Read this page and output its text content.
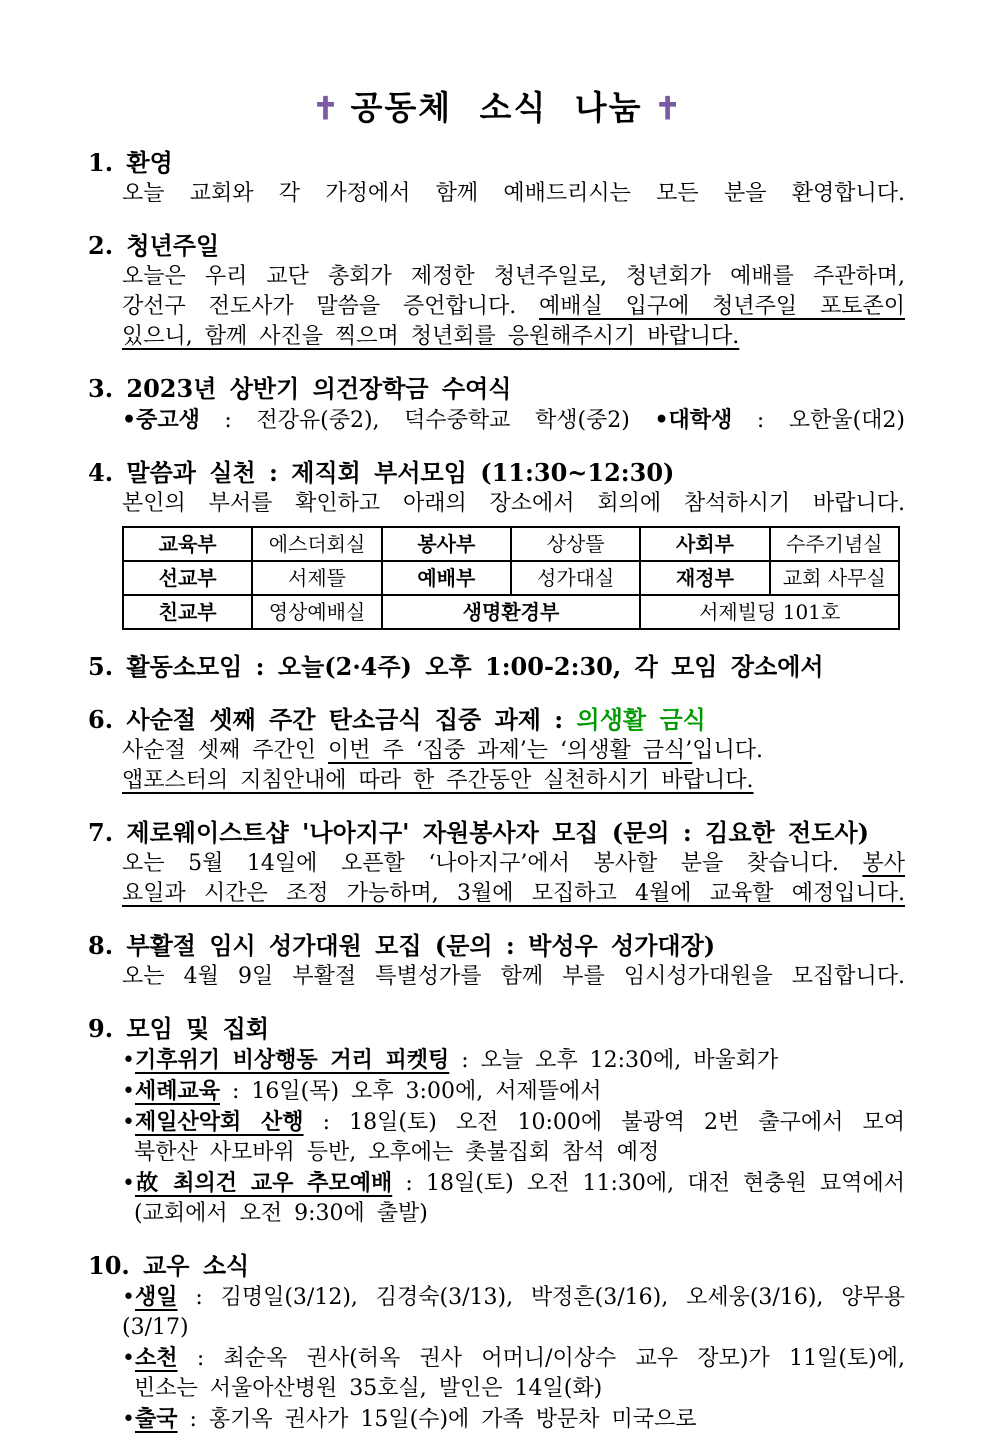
✝ 공동체 소식 나눔 ✝
1. 환영
오늘 교회와 각 가정에서 함께 예배드리시는 모든 분을 환영합니다.
2. 청년주일
오늘은 우리 교단 총회가 제정한 청년주일로, 청년회가 예배를 주관하며,
강선구 전도사가 말씀을 증언합니다. 예배실 입구에 청년주일 포토존이
있으니, 함께 사진을 찍으며 청년회를 응원해주시기 바랍니다.
3. 2023년 상반기 의건장학금 수여식
•중고생 : 전강유(중2), 덕수중학교 학생(중2) •대학생 : 오한울(대2)
4. 말씀과 실천 : 제직회 부서모임 (11:30~12:30)
본인의 부서를 확인하고 아래의 장소에서 회의에 참석하시기 바랍니다.
교육부	에스더회실	봉사부	상상뜰	사회부	수주기념실
선교부	서제뜰	예배부	성가대실	재정부	교회 사무실
친교부	영상예배실	생명환경부		서제빌딩 101호	
5. 활동소모임 : 오늘(2·4주) 오후 1:00-2:30, 각 모임 장소에서
6. 사순절 셋째 주간 탄소금식 집중 과제 : 의생활 금식
사순절 셋째 주간인 이번 주 ‘집중 과제’는 ‘의생활 금식’입니다.
앱포스터의 지침안내에 따라 한 주간동안 실천하시기 바랍니다.
7. 제로웨이스트샵 '나아지구' 자원봉사자 모집 (문의 : 김요한 전도사)
오는 5월 14일에 오픈할 ‘나아지구’에서 봉사할 분을 찾습니다. 봉사
요일과 시간은 조정 가능하며, 3월에 모집하고 4월에 교육할 예정입니다.
8. 부활절 임시 성가대원 모집 (문의 : 박성우 성가대장)
오는 4월 9일 부활절 특별성가를 함께 부를 임시성가대원을 모집합니다.
9. 모임 및 집회
•기후위기 비상행동 거리 피켓팅 : 오늘 오후 12:30에, 바울회가
•세례교육 : 16일(목) 오후 3:00에, 서제뜰에서
•제일산악회 산행 : 18일(토) 오전 10:00에 불광역 2번 출구에서 모여
북한산 사모바위 등반, 오후에는 촛불집회 참석 예정
•故 최의건 교우 추모예배 : 18일(토) 오전 11:30에, 대전 현충원 묘역에서
(교회에서 오전 9:30에 출발)
10. 교우 소식
•생일 : 김명일(3/12), 김경숙(3/13), 박정흔(3/16), 오세웅(3/16), 양무용(3/17)
•소천 : 최순옥 권사(허옥 권사 어머니/이상수 교우 장모)가 11일(토)에,
빈소는 서울아산병원 35호실, 발인은 14일(화)
•출국 : 홍기옥 권사가 15일(수)에 가족 방문차 미국으로
